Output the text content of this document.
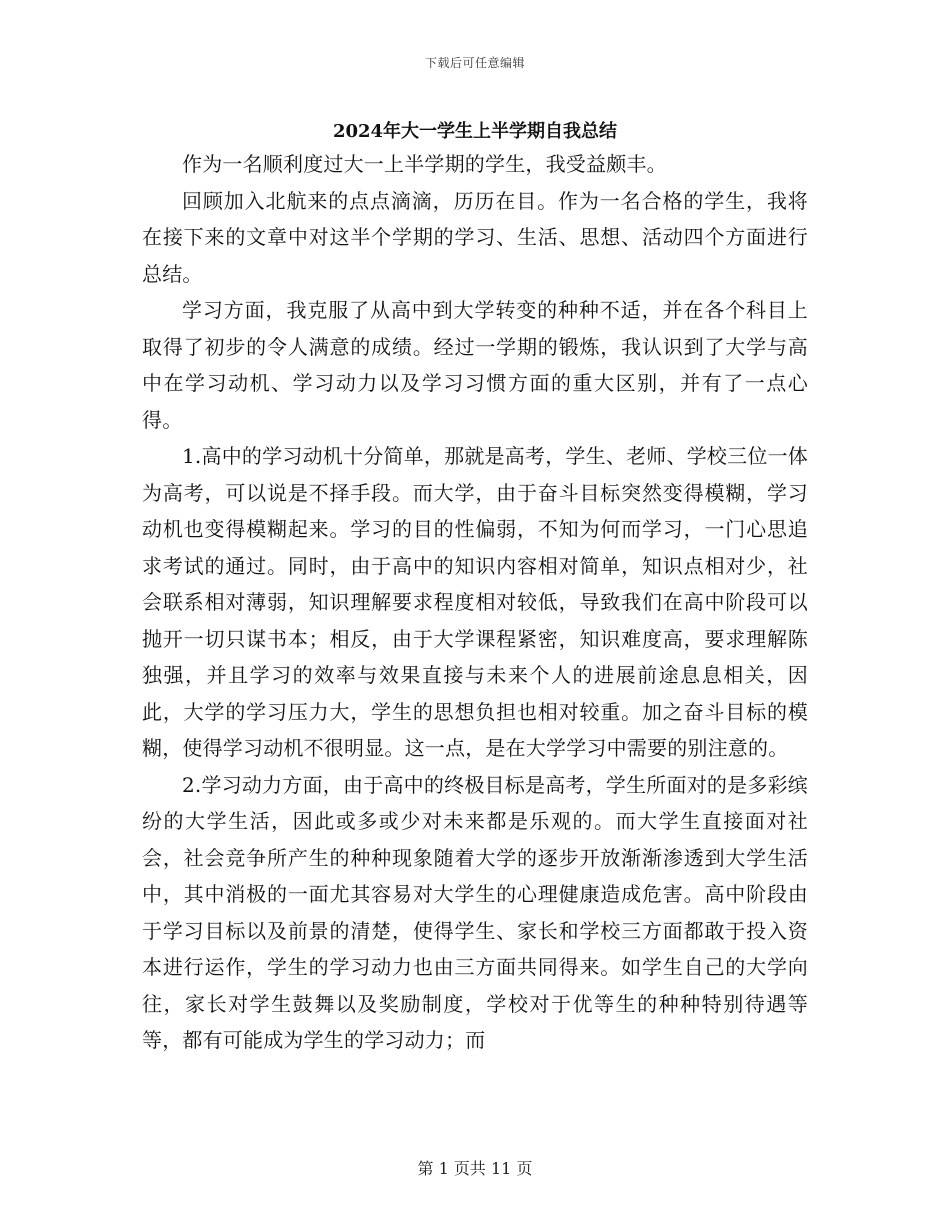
下载后可任意编辑
2024年大一学生上半学期自我总结

作为一名顺利度过大一上半学期的学生，我受益颇丰。

回顾加入北航来的点点滴滴，历历在目。作为一名合格的学生，我将在接下来的文章中对这半个学期的学习、生活、思想、活动四个方面进行总结。

学习方面，我克服了从高中到大学转变的种种不适，并在各个科目上取得了初步的令人满意的成绩。经过一学期的锻炼，我认识到了大学与高中在学习动机、学习动力以及学习习惯方面的重大区别，并有了一点心得。

1.高中的学习动机十分简单，那就是高考，学生、老师、学校三位一体为高考，可以说是不择手段。而大学，由于奋斗目标突然变得模糊，学习动机也变得模糊起来。学习的目的性偏弱，不知为何而学习，一门心思追求考试的通过。同时，由于高中的知识内容相对简单，知识点相对少，社会联系相对薄弱，知识理解要求程度相对较低，导致我们在高中阶段可以抛开一切只谋书本；相反，由于大学课程紧密，知识难度高，要求理解陈独强，并且学习的效率与效果直接与未来个人的进展前途息息相关，因此，大学的学习压力大，学生的思想负担也相对较重。加之奋斗目标的模糊，使得学习动机不很明显。这一点，是在大学学习中需要的别注意的。

2.学习动力方面，由于高中的终极目标是高考，学生所面对的是多彩缤纷的大学生活，因此或多或少对未来都是乐观的。而大学生直接面对社会，社会竞争所产生的种种现象随着大学的逐步开放渐渐渗透到大学生活中，其中消极的一面尤其容易对大学生的心理健康造成危害。高中阶段由于学习目标以及前景的清楚，使得学生、家长和学校三方面都敢于投入资本进行运作，学生的学习动力也由三方面共同得来。如学生自己的大学向往，家长对学生鼓舞以及奖励制度，学校对于优等生的种种特别待遇等等，都有可能成为学生的学习动力；而

第 1 页共 11 页
